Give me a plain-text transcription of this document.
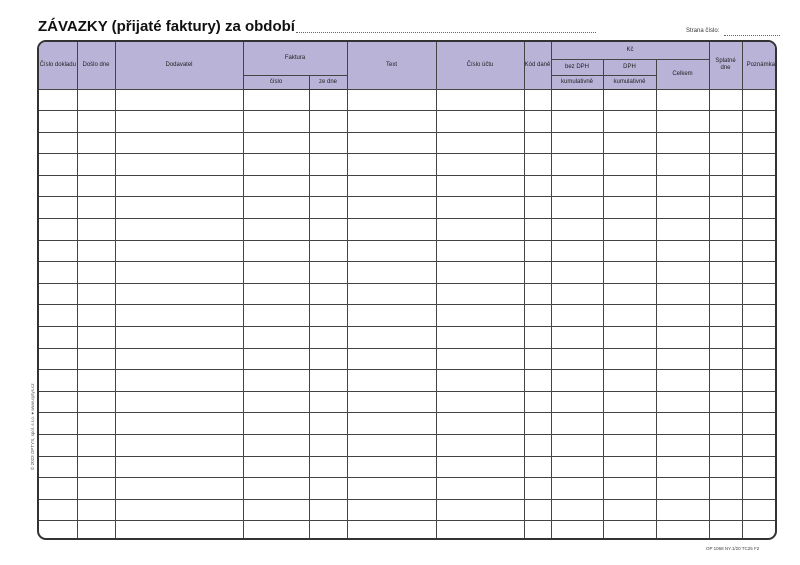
ZÁVAZKY (přijaté faktury) za období	Strana číslo:
© 2023 OPTYS, spol. s r.o. ● www.optys.cz
Číslo dokladu	Došlo dne	Dodavatel	Faktura		Text	Číslo účtu	Kód daně	Kč			Splatné dne	Poznámka
								bez DPH	DPH	Celkem		
			číslo	ze dne				kumulativně	kumulativně			

OP 1068 NY.1/20 TC25 F2
